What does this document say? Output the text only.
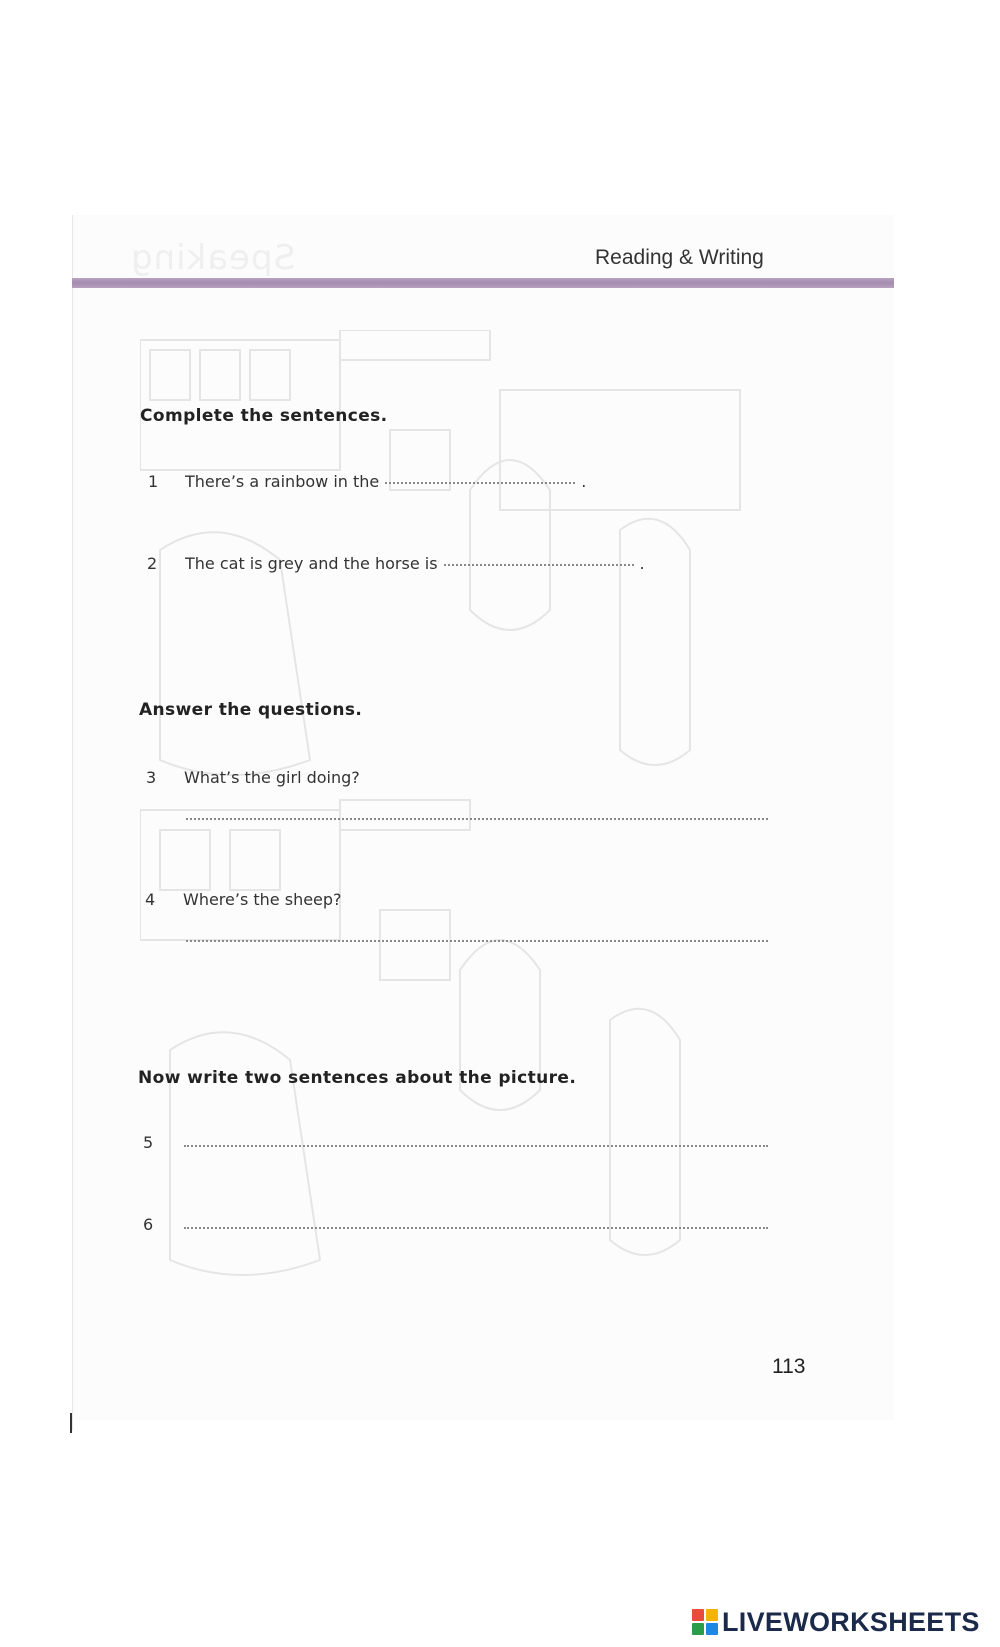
Speaking	Reading & Writing
Complete the sentences.
1 There’s a rainbow in the	.
2 The cat is grey and the horse is	.
Answer the questions.
3 What’s the girl doing?
4 Where’s the sheep?
Now write two sentences about the picture.
5
6
113
LIVEWORKSHEETS
